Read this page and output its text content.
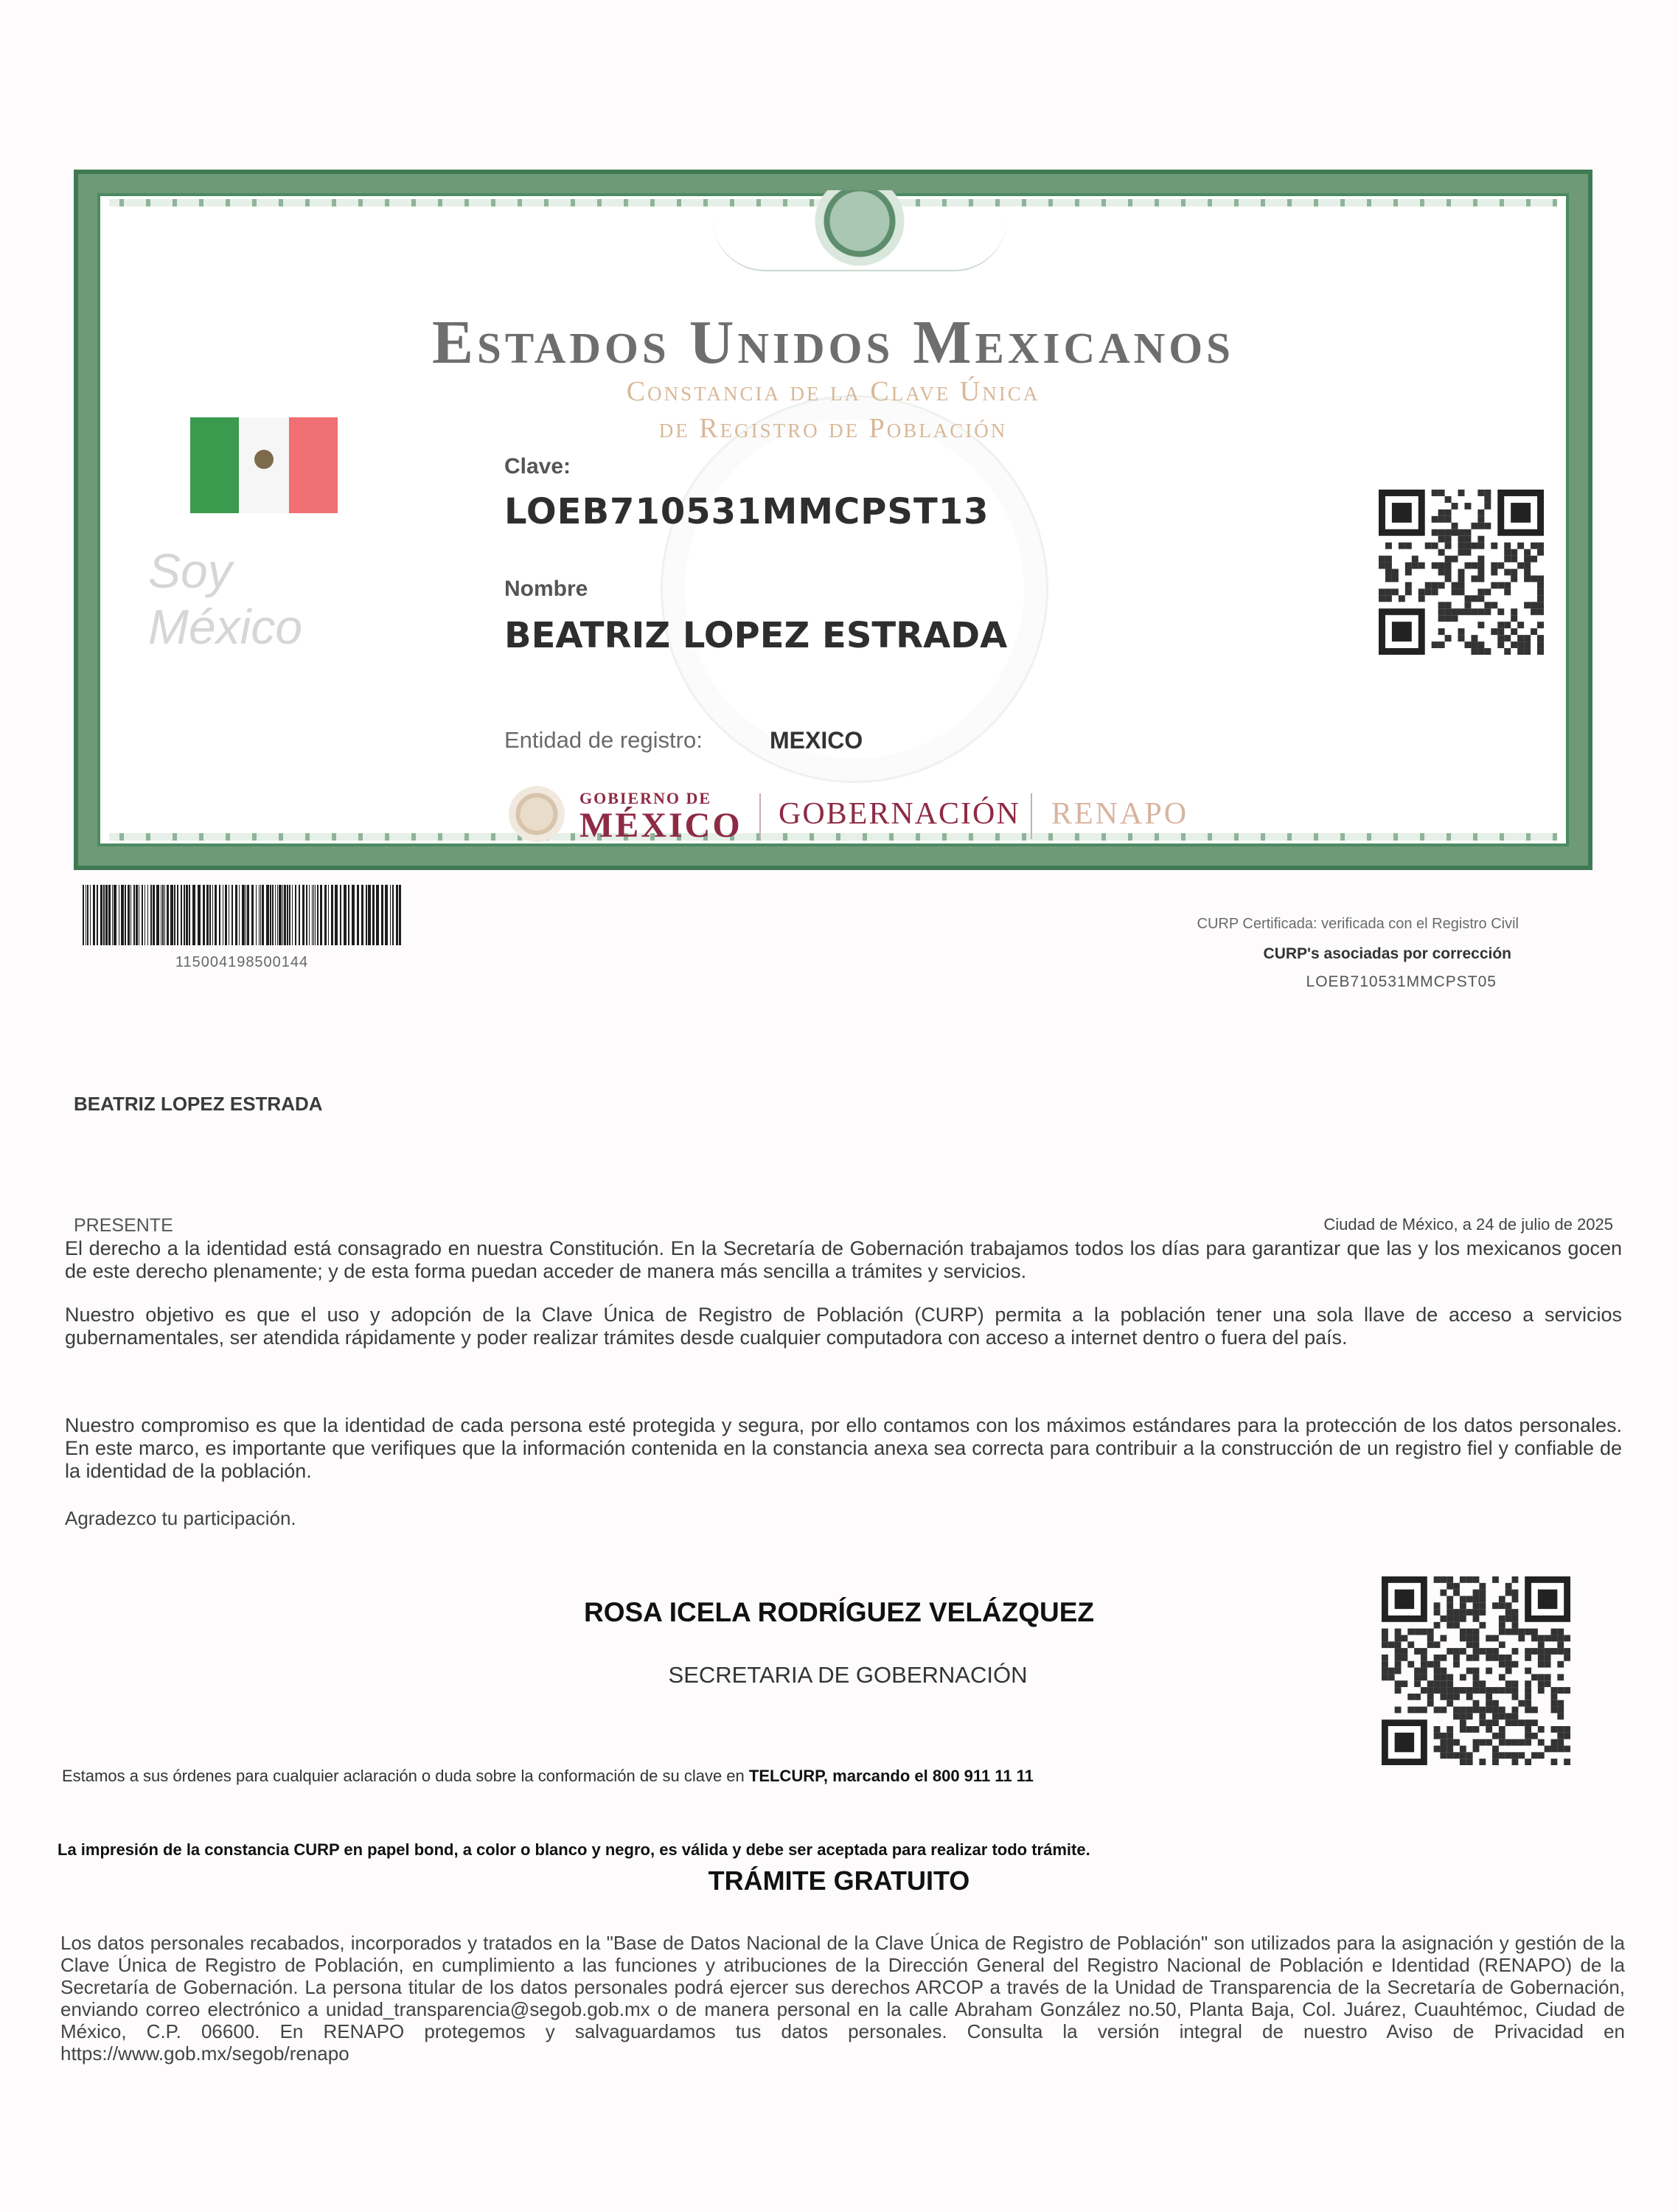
Estados Unidos Mexicanos
Constancia de la Clave Única
de Registro de Población
Soy México
Clave:
LOEB710531MMCPST13
Nombre
BEATRIZ LOPEZ ESTRADA
Entidad de registro:	MEXICO
GOBIERNO DE
MÉXICO GOBERNACIÓN RENAPO
115004198500144
CURP Certificada: verificada con el Registro Civil
CURP's asociadas por corrección
LOEB710531MMCPST05
BEATRIZ LOPEZ ESTRADA
PRESENTE	Ciudad de México, a 24 de julio de 2025
El derecho a la identidad está consagrado en nuestra Constitución. En la Secretaría de Gobernación trabajamos todos los días para garantizar que las y los mexicanos gocen de este derecho plenamente; y de esta forma puedan acceder de manera más sencilla a trámites y servicios.
Nuestro objetivo es que el uso y adopción de la Clave Única de Registro de Población (CURP) permita a la población tener una sola llave de acceso a servicios gubernamentales, ser atendida rápidamente y poder realizar trámites desde cualquier computadora con acceso a internet dentro o fuera del país.
Nuestro compromiso es que la identidad de cada persona esté protegida y segura, por ello contamos con los máximos estándares para la protección de los datos personales. En este marco, es importante que verifiques que la información contenida en la constancia anexa sea correcta para contribuir a la construcción de un registro fiel y confiable de la identidad de la población.
Agradezco tu participación.
ROSA ICELA RODRÍGUEZ VELÁZQUEZ
SECRETARIA DE GOBERNACIÓN
Estamos a sus órdenes para cualquier aclaración o duda sobre la conformación de su clave en TELCURP, marcando el 800 911 11 11
La impresión de la constancia CURP en papel bond, a color o blanco y negro, es válida y debe ser aceptada para realizar todo trámite.
TRÁMITE GRATUITO
Los datos personales recabados, incorporados y tratados en la "Base de Datos Nacional de la Clave Única de Registro de Población" son utilizados para la asignación y gestión de la Clave Única de Registro de Población, en cumplimiento a las funciones y atribuciones de la Dirección General del Registro Nacional de Población e Identidad (RENAPO) de la Secretaría de Gobernación. La persona titular de los datos personales podrá ejercer sus derechos ARCOP a través de la Unidad de Transparencia de la Secretaría de Gobernación, enviando correo electrónico a unidad_transparencia@segob.gob.mx o de manera personal en la calle Abraham González no.50, Planta Baja, Col. Juárez, Cuauhtémoc, Ciudad de México, C.P. 06600. En RENAPO protegemos y salvaguardamos tus datos personales. Consulta la versión integral de nuestro Aviso de Privacidad en https://www.gob.mx/segob/renapo
